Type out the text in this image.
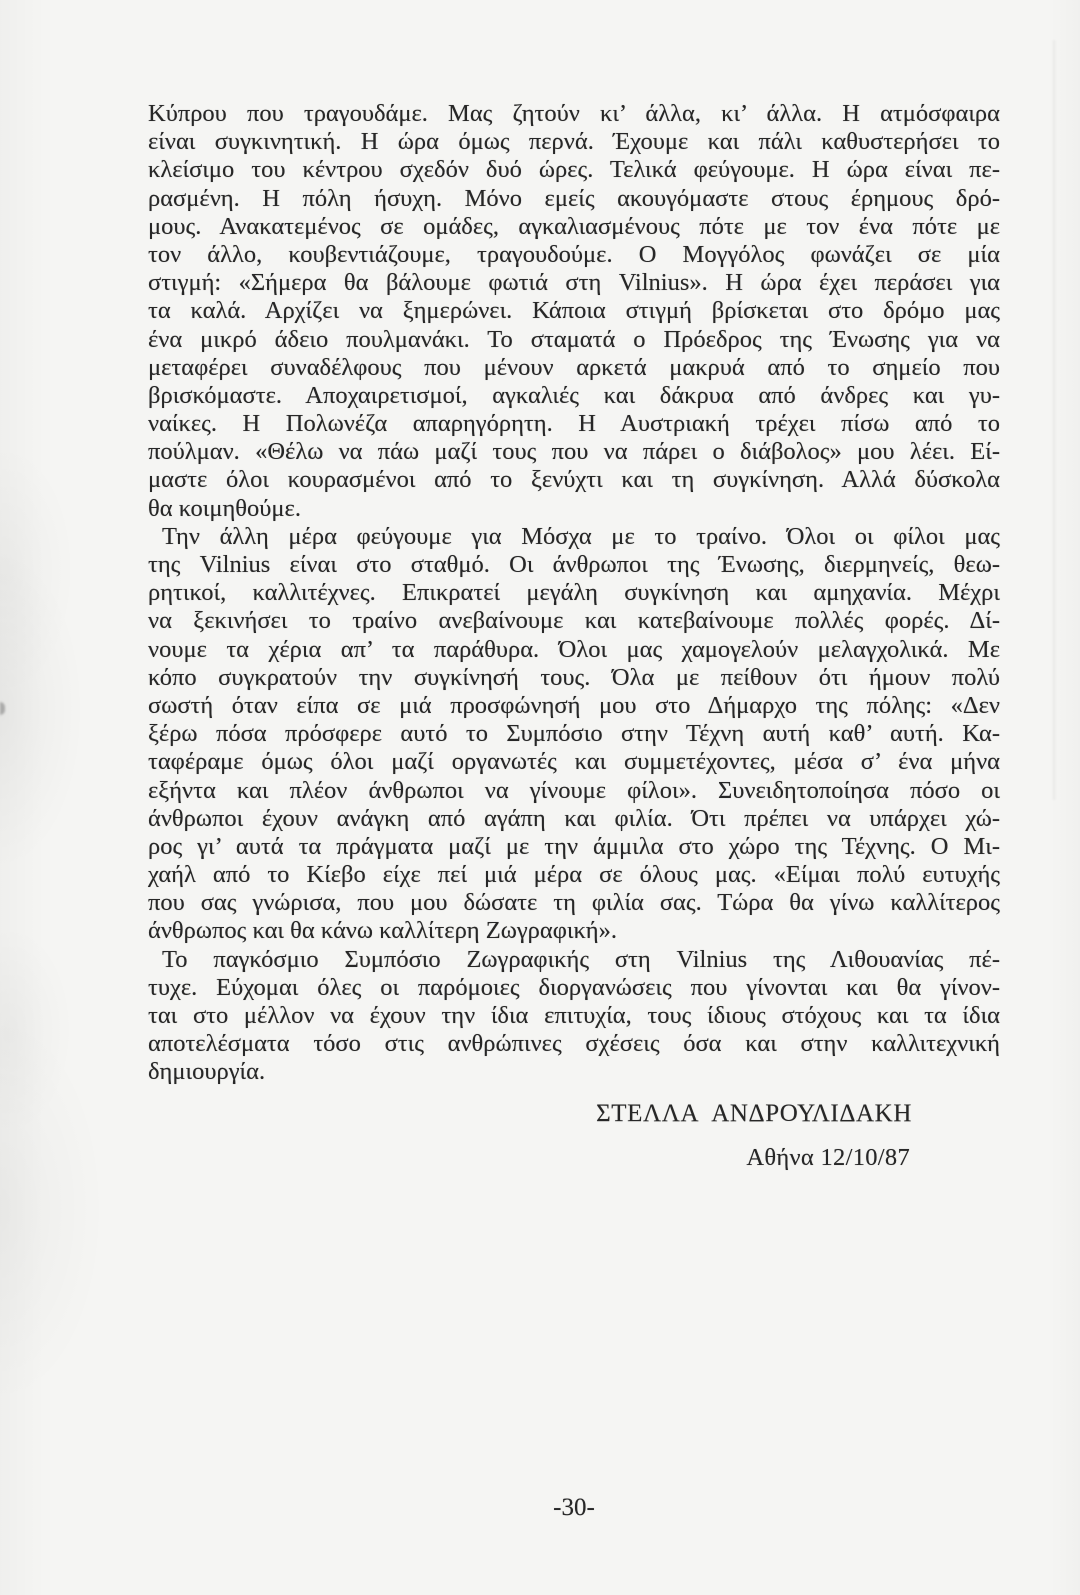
Κύπρου που τραγουδάμε. Μας ζητούν κι’ άλλα, κι’ άλλα. Η ατμόσφαιρα
είναι συγκινητική. Η ώρα όμως περνά. Έχουμε και πάλι καθυστερήσει το
κλείσιμο του κέντρου σχεδόν δυό ώρες. Τελικά φεύγουμε. Η ώρα είναι πε-
ρασμένη. Η πόλη ήσυχη. Μόνο εμείς ακουγόμαστε στους έρημους δρό-
μους. Ανακατεμένος σε ομάδες, αγκαλιασμένους πότε με τον ένα πότε με
τον άλλο, κουβεντιάζουμε, τραγουδούμε. Ο Μογγόλος φωνάζει σε μία
στιγμή: «Σήμερα θα βάλουμε φωτιά στη Vilnius». Η ώρα έχει περάσει για
τα καλά. Αρχίζει να ξημερώνει. Κάποια στιγμή βρίσκεται στο δρόμο μας
ένα μικρό άδειο πουλμανάκι. Το σταματά ο Πρόεδρος της Ένωσης για να
μεταφέρει συναδέλφους που μένουν αρκετά μακρυά από το σημείο που
βρισκόμαστε. Αποχαιρετισμοί, αγκαλιές και δάκρυα από άνδρες και γυ-
ναίκες. Η Πολωνέζα απαρηγόρητη. Η Αυστριακή τρέχει πίσω από το
πούλμαν. «Θέλω να πάω μαζί τους που να πάρει ο διάβολος» μου λέει. Εί-
μαστε όλοι κουρασμένοι από το ξενύχτι και τη συγκίνηση. Αλλά δύσκολα
θα κοιμηθούμε.
Την άλλη μέρα φεύγουμε για Μόσχα με το τραίνο. Όλοι οι φίλοι μας
της Vilnius είναι στο σταθμό. Οι άνθρωποι της Ένωσης, διερμηνείς, θεω-
ρητικοί, καλλιτέχνες. Επικρατεί μεγάλη συγκίνηση και αμηχανία. Μέχρι
να ξεκινήσει το τραίνο ανεβαίνουμε και κατεβαίνουμε πολλές φορές. Δί-
νουμε τα χέρια απ’ τα παράθυρα. Όλοι μας χαμογελούν μελαγχολικά. Με
κόπο συγκρατούν την συγκίνησή τους. Όλα με πείθουν ότι ήμουν πολύ
σωστή όταν είπα σε μιά προσφώνησή μου στο Δήμαρχο της πόλης: «Δεν
ξέρω πόσα πρόσφερε αυτό το Συμπόσιο στην Τέχνη αυτή καθ’ αυτή. Κα-
ταφέραμε όμως όλοι μαζί οργανωτές και συμμετέχοντες, μέσα σ’ ένα μήνα
εξήντα και πλέον άνθρωποι να γίνουμε φίλοι». Συνειδητοποίησα πόσο οι
άνθρωποι έχουν ανάγκη από αγάπη και φιλία. Ότι πρέπει να υπάρχει χώ-
ρος γι’ αυτά τα πράγματα μαζί με την άμμιλα στο χώρο της Τέχνης. Ο Μι-
χαήλ από το Κίεβο είχε πεί μιά μέρα σε όλους μας. «Είμαι πολύ ευτυχής
που σας γνώρισα, που μου δώσατε τη φιλία σας. Τώρα θα γίνω καλλίτερος
άνθρωπος και θα κάνω καλλίτερη Ζωγραφική».
Το παγκόσμιο Συμπόσιο Ζωγραφικής στη Vilnius της Λιθουανίας πέ-
τυχε. Εύχομαι όλες οι παρόμοιες διοργανώσεις που γίνονται και θα γίνον-
ται στο μέλλον να έχουν την ίδια επιτυχία, τους ίδιους στόχους και τα ίδια
αποτελέσματα τόσο στις ανθρώπινες σχέσεις όσα και στην καλλιτεχνική
δημιουργία.
ΣΤΕΛΛΑ ΑΝΔΡΟΥΛΙΔΑΚΗ
Αθήνα 12/10/87
-30-
